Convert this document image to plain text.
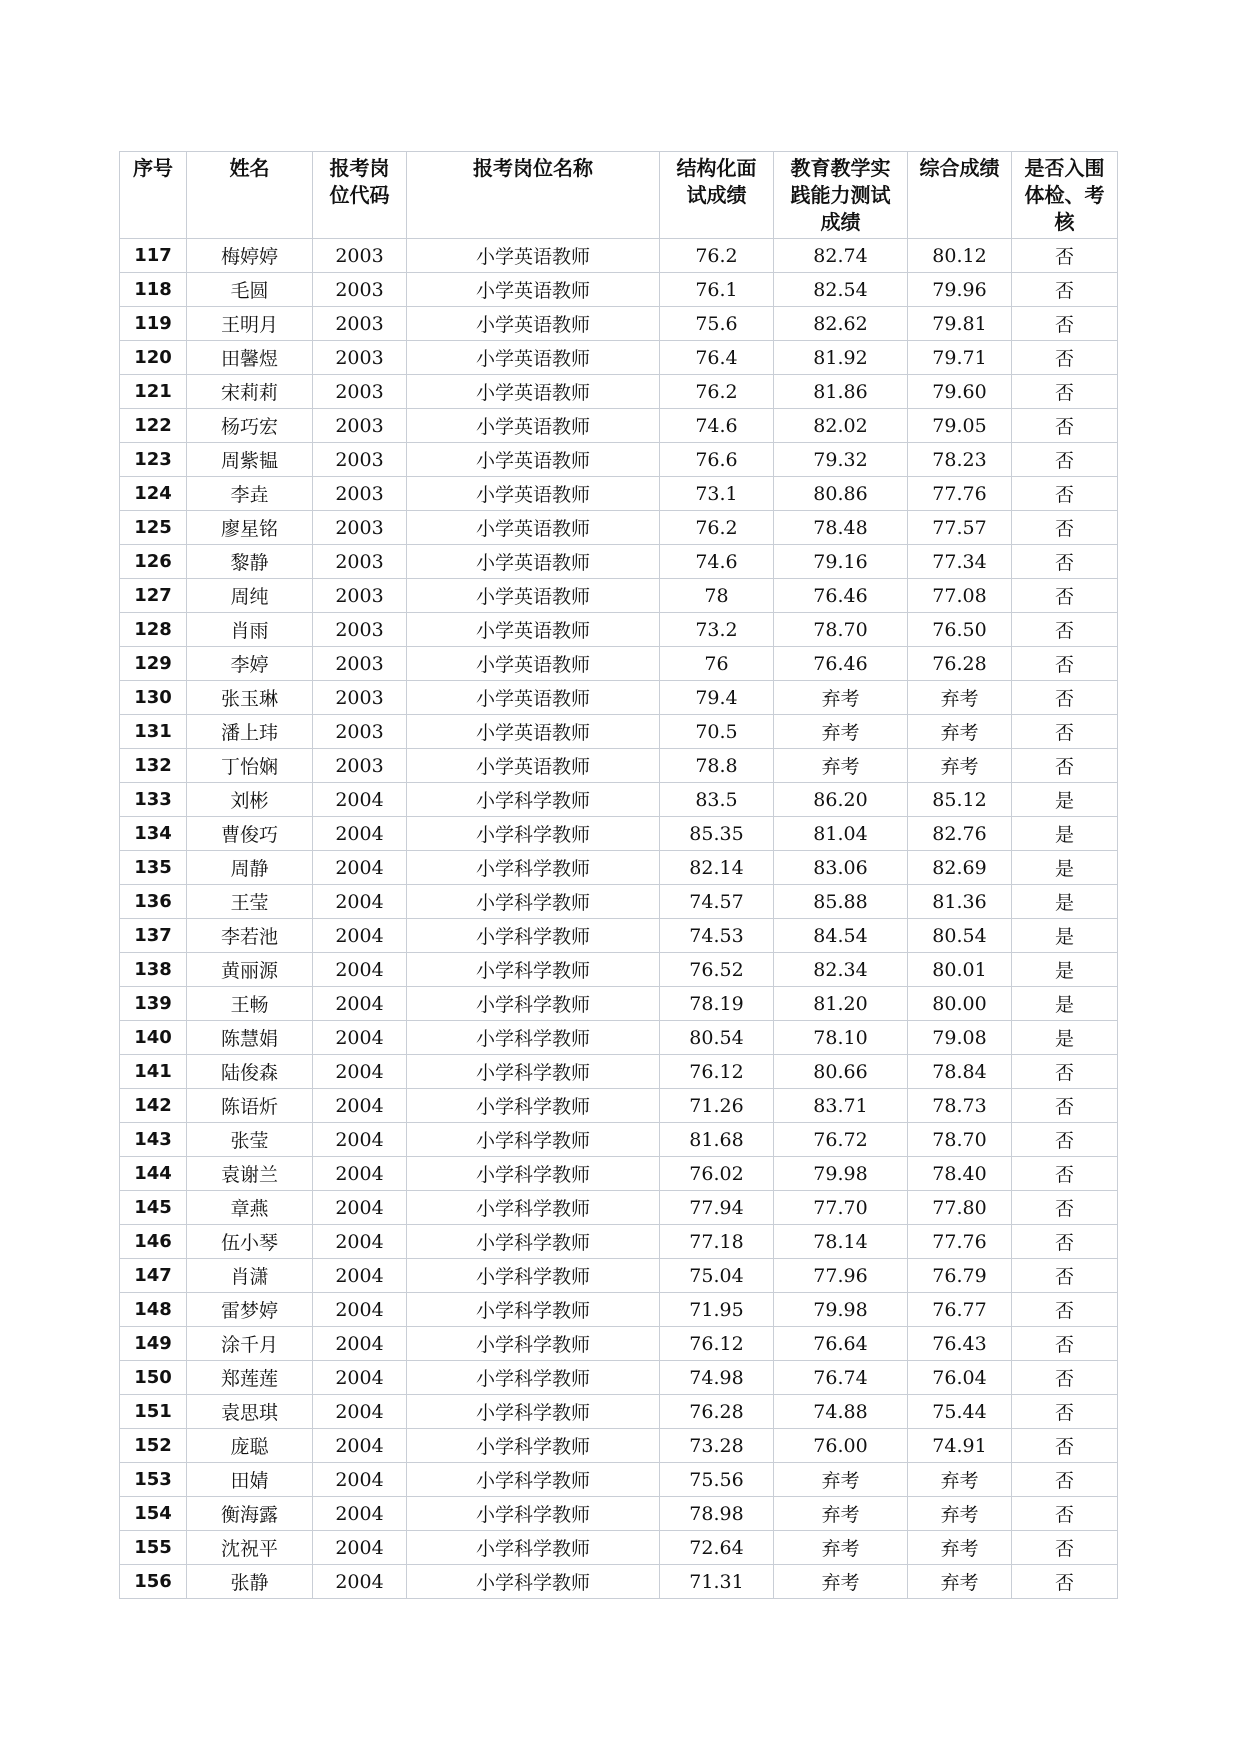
序号	姓名	报考岗位代码	报考岗位名称	结构化面试成绩	教育教学实践能力测试成绩	综合成绩	是否入围体检、考核
117	梅婷婷	2003	小学英语教师	76.2	82.74	80.12	否
118	毛圆	2003	小学英语教师	76.1	82.54	79.96	否
119	王明月	2003	小学英语教师	75.6	82.62	79.81	否
120	田馨煜	2003	小学英语教师	76.4	81.92	79.71	否
121	宋莉莉	2003	小学英语教师	76.2	81.86	79.60	否
122	杨巧宏	2003	小学英语教师	74.6	82.02	79.05	否
123	周紫韫	2003	小学英语教师	76.6	79.32	78.23	否
124	李垚	2003	小学英语教师	73.1	80.86	77.76	否
125	廖星铭	2003	小学英语教师	76.2	78.48	77.57	否
126	黎静	2003	小学英语教师	74.6	79.16	77.34	否
127	周纯	2003	小学英语教师	78	76.46	77.08	否
128	肖雨	2003	小学英语教师	73.2	78.70	76.50	否
129	李婷	2003	小学英语教师	76	76.46	76.28	否
130	张玉琳	2003	小学英语教师	79.4	弃考	弃考	否
131	潘上玮	2003	小学英语教师	70.5	弃考	弃考	否
132	丁怡娴	2003	小学英语教师	78.8	弃考	弃考	否
133	刘彬	2004	小学科学教师	83.5	86.20	85.12	是
134	曹俊巧	2004	小学科学教师	85.35	81.04	82.76	是
135	周静	2004	小学科学教师	82.14	83.06	82.69	是
136	王莹	2004	小学科学教师	74.57	85.88	81.36	是
137	李若池	2004	小学科学教师	74.53	84.54	80.54	是
138	黄丽源	2004	小学科学教师	76.52	82.34	80.01	是
139	王畅	2004	小学科学教师	78.19	81.20	80.00	是
140	陈慧娟	2004	小学科学教师	80.54	78.10	79.08	是
141	陆俊森	2004	小学科学教师	76.12	80.66	78.84	否
142	陈语炘	2004	小学科学教师	71.26	83.71	78.73	否
143	张莹	2004	小学科学教师	81.68	76.72	78.70	否
144	袁谢兰	2004	小学科学教师	76.02	79.98	78.40	否
145	章燕	2004	小学科学教师	77.94	77.70	77.80	否
146	伍小琴	2004	小学科学教师	77.18	78.14	77.76	否
147	肖潇	2004	小学科学教师	75.04	77.96	76.79	否
148	雷梦婷	2004	小学科学教师	71.95	79.98	76.77	否
149	涂千月	2004	小学科学教师	76.12	76.64	76.43	否
150	郑莲莲	2004	小学科学教师	74.98	76.74	76.04	否
151	袁思琪	2004	小学科学教师	76.28	74.88	75.44	否
152	庞聪	2004	小学科学教师	73.28	76.00	74.91	否
153	田婧	2004	小学科学教师	75.56	弃考	弃考	否
154	衡海露	2004	小学科学教师	78.98	弃考	弃考	否
155	沈祝平	2004	小学科学教师	72.64	弃考	弃考	否
156	张静	2004	小学科学教师	71.31	弃考	弃考	否
